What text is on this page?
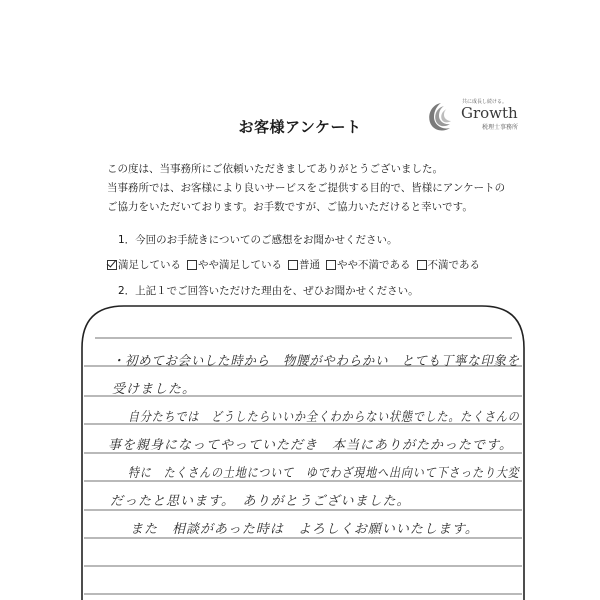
共に成長し続ける。
Growth
税理士事務所
お客様アンケート
この度は、当事務所にご依頼いただきましてありがとうございました。
当事務所では、お客様により良いサービスをご提供する目的で、皆様にアンケートの
ご協力をいただいております。お手数ですが、ご協力いただけると幸いです。
1．今回のお手続きについてのご感想をお聞かせください。
満足している やや満足している 普通 やや不満である 不満である
2．上記１でご回答いただけた理由を、ぜひお聞かせください。
・初めてお会いした時から　物腰がやわらかい　とても丁寧な印象を
受けました。
自分たちでは　どうしたらいいか全くわからない状態でした。たくさんの
事を親身になってやっていただき　本当にありがたかったです。
特に　たくさんの土地について　ゆでわざ現地へ出向いて下さったり大変
だったと思います。　ありがとうございました。
また　相談があった時は　よろしくお願いいたします。
